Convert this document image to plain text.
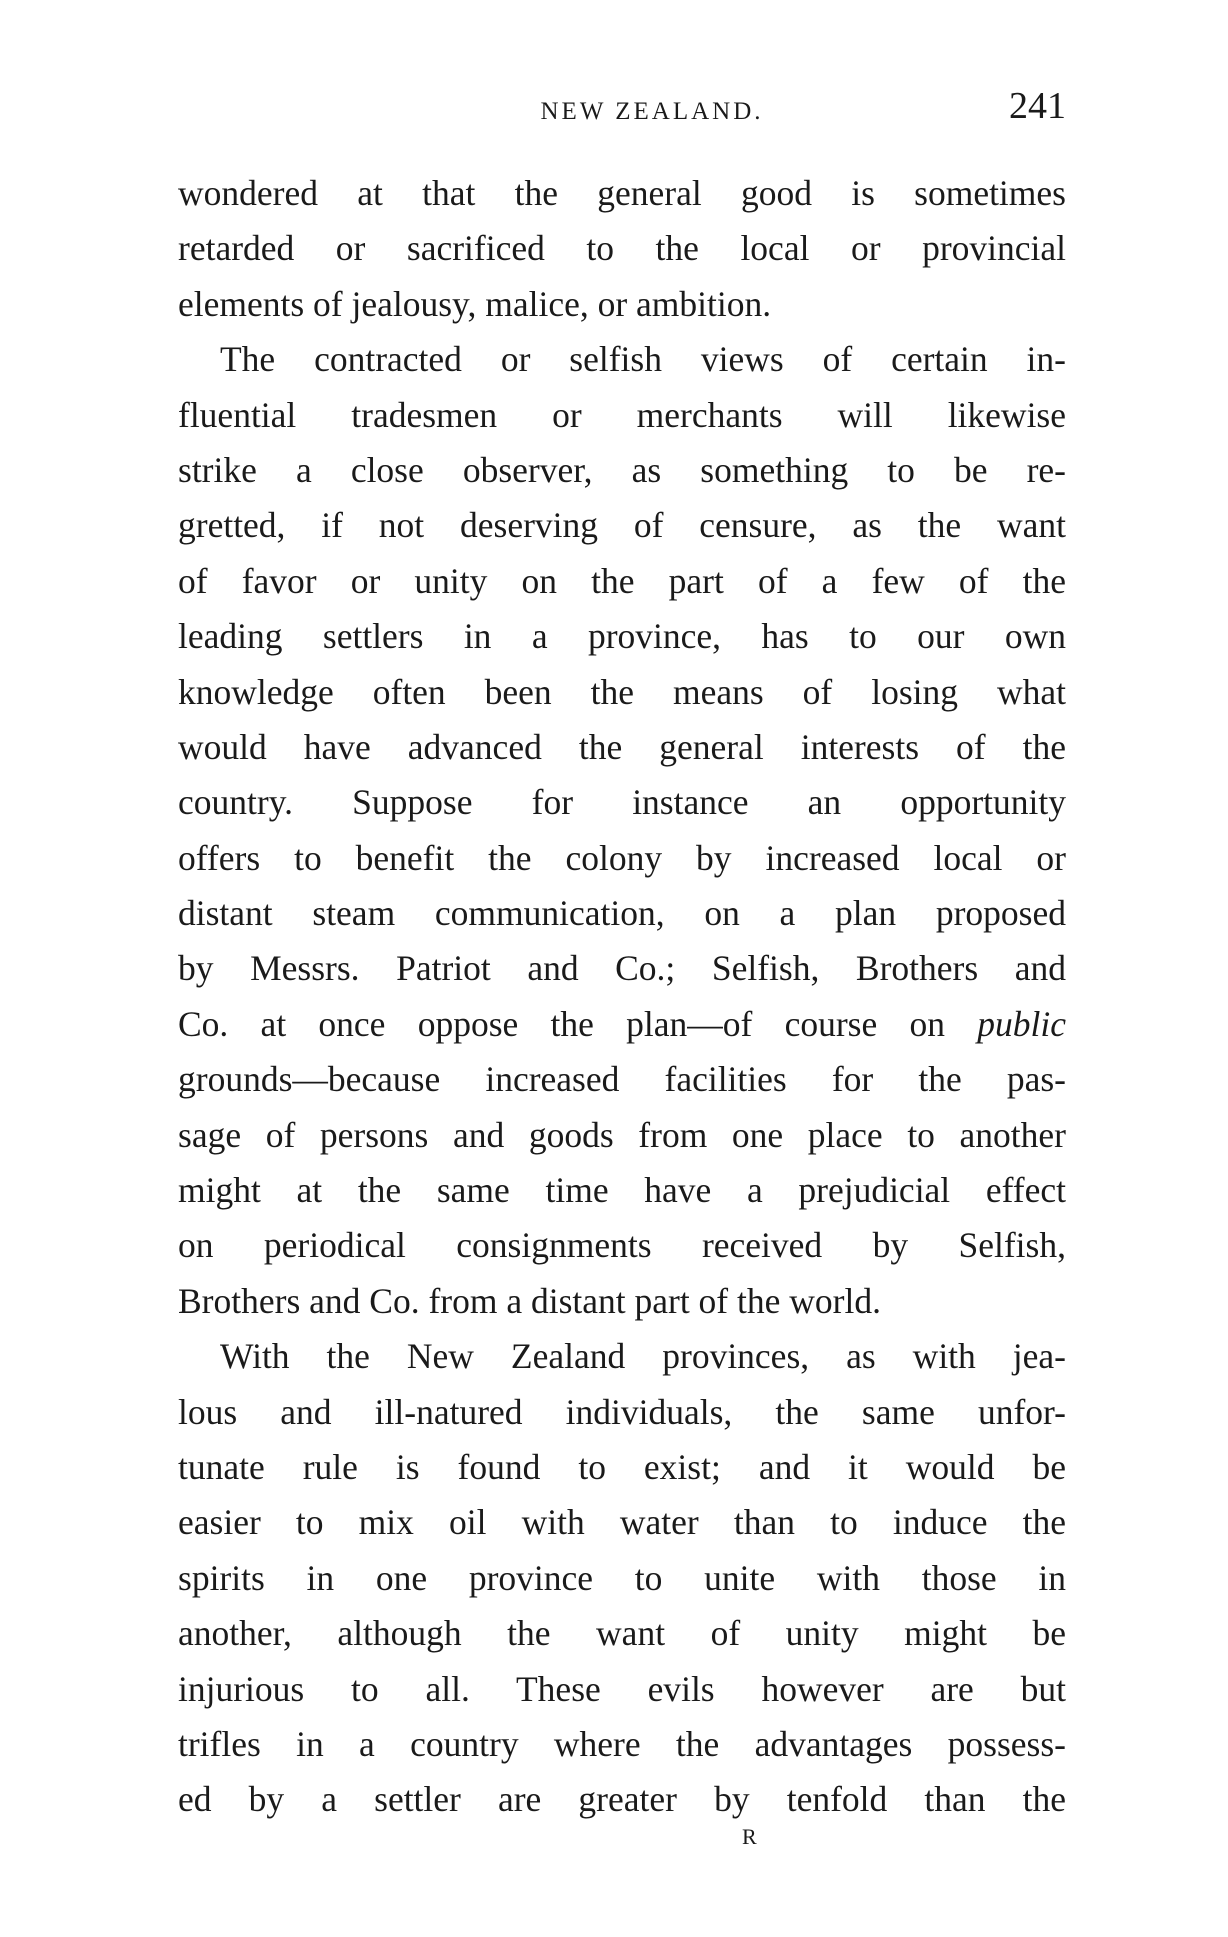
NEW ZEALAND.	241
wondered at that the general good is sometimes
retarded or sacrificed to the local or provincial
elements of jealousy, malice, or ambition.
The contracted or selfish views of certain in-
fluential tradesmen or merchants will likewise
strike a close observer, as something to be re-
gretted, if not deserving of censure, as the want
of favor or unity on the part of a few of the
leading settlers in a province, has to our own
knowledge often been the means of losing what
would have advanced the general interests of the
country. Suppose for instance an opportunity
offers to benefit the colony by increased local or
distant steam communication, on a plan proposed
by Messrs. Patriot and Co.; Selfish, Brothers and
Co. at once oppose the plan—of course on public
grounds—because increased facilities for the pas-
sage of persons and goods from one place to another
might at the same time have a prejudicial effect
on periodical consignments received by Selfish,
Brothers and Co. from a distant part of the world.
With the New Zealand provinces, as with jea-
lous and ill-natured individuals, the same unfor-
tunate rule is found to exist; and it would be
easier to mix oil with water than to induce the
spirits in one province to unite with those in
another, although the want of unity might be
injurious to all. These evils however are but
trifles in a country where the advantages possess-
ed by a settler are greater by tenfold than the
R
